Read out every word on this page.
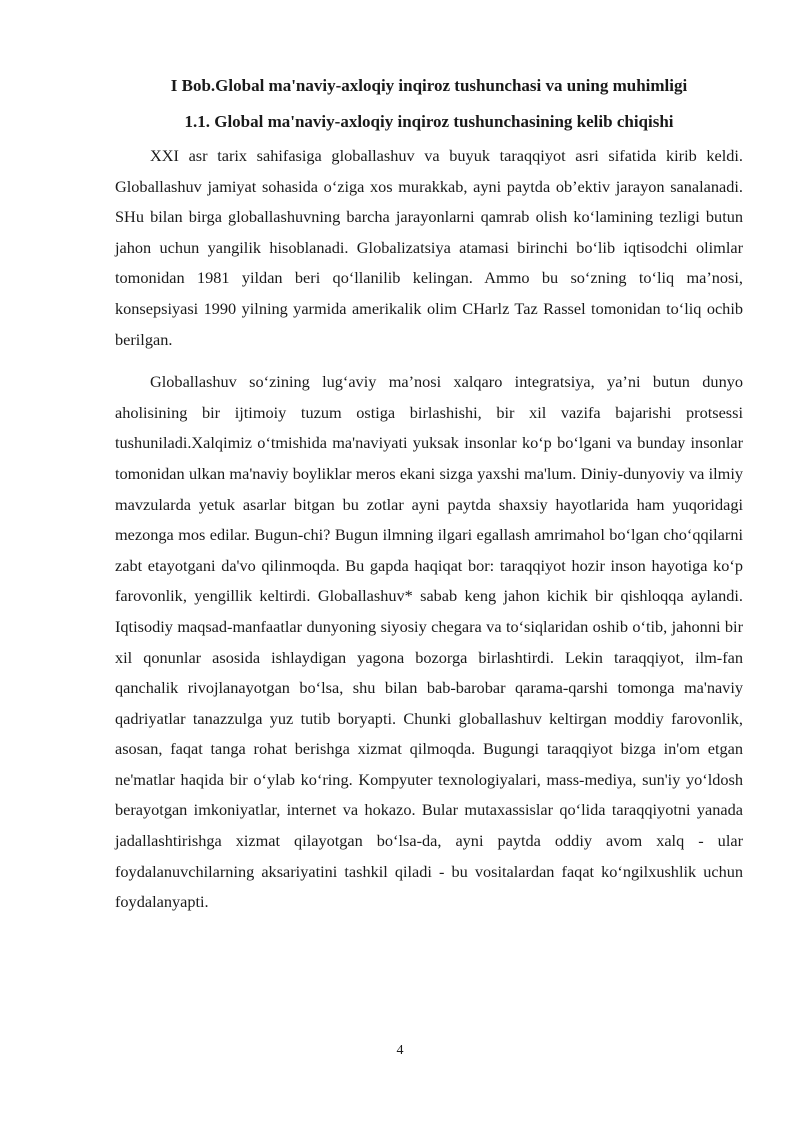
I Bob.Global ma'naviy-axloqiy inqiroz tushunchasi va uning muhimligi

1.1. Global ma'naviy-axloqiy inqiroz tushunchasining kelib chiqishi

XXI asr tarix sahifasiga globallashuv va buyuk taraqqiyot asri sifatida kirib keldi. Globallashuv jamiyat sohasida oʻziga xos murakkab, ayni paytda obʼektiv jarayon sanalanadi. SHu bilan birga globallashuvning barcha jarayonlarni qamrab olish koʻlamining tezligi butun jahon uchun yangilik hisoblanadi. Globalizatsiya atamasi birinchi boʻlib iqtisodchi olimlar tomonidan 1981 yildan beri qoʻllanilib kelingan. Ammo bu soʻzning toʻliq maʼnosi, konsepsiyasi 1990 yilning yarmida amerikalik olim CHarlz Taz Rassel tomonidan toʻliq ochib berilgan.

Globallashuv soʻzining lugʻaviy maʼnosi xalqaro integratsiya, yaʼni butun dunyo aholisining bir ijtimoiy tuzum ostiga birlashishi, bir xil vazifa bajarishi protsessi tushuniladi.Xalqimiz oʻtmishida ma'naviyati yuksak insonlar koʻp boʻlgani va bunday insonlar tomonidan ulkan ma'naviy boyliklar meros ekani sizga yaxshi ma'lum. Diniy-dunyoviy va ilmiy mavzularda yetuk asarlar bitgan bu zotlar ayni paytda shaxsiy hayotlarida ham yuqoridagi mezonga mos edilar. Bugun-chi? Bugun ilmning ilgari egallash amrimahol boʻlgan choʻqqilarni zabt etayotgani da'vo qilinmoqda. Bu gapda haqiqat bor: taraqqiyot hozir inson hayotiga koʻp farovonlik, yengillik keltirdi. Globallashuv* sabab keng jahon kichik bir qishloqqa aylandi. Iqtisodiy maqsad-manfaatlar dunyoning siyosiy chegara va toʻsiqlaridan oshib oʻtib, jahonni bir xil qonunlar asosida ishlaydigan yagona bozorga birlashtirdi. Lekin taraqqiyot, ilm-fan qanchalik rivojlanayotgan boʻlsa, shu bilan bab-barobar qarama-qarshi tomonga ma'naviy qadriyatlar tanazzulga yuz tutib boryapti. Chunki globallashuv keltirgan moddiy farovonlik, asosan, faqat tanga rohat berishga xizmat qilmoqda. Bugungi taraqqiyot bizga in'om etgan ne'matlar haqida bir oʻylab koʻring. Kompyuter texnologiyalari, mass-mediya, sun'iy yoʻldosh berayotgan imkoniyatlar, internet va hokazo. Bular mutaxassislar qoʻlida taraqqiyotni yanada jadallashtirishga xizmat qilayotgan boʻlsa-da, ayni paytda oddiy avom xalq - ular foydalanuvchilarning aksariyatini tashkil qiladi - bu vositalardan faqat koʻngilxushlik uchun foydalanyapti.

4
